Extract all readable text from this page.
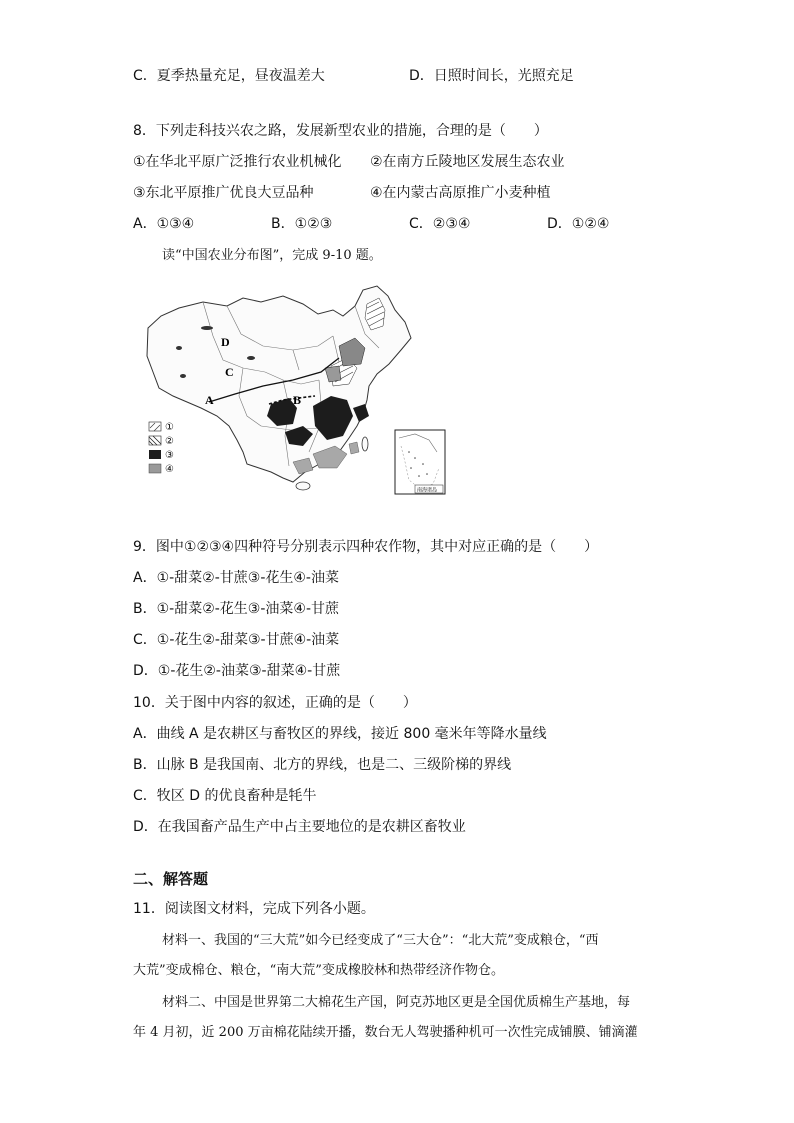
C．夏季热量充足，昼夜温差大	D．日照时间长，光照充足
8．下列走科技兴农之路，发展新型农业的措施，合理的是（　　）
①在华北平原广泛推行农业机械化 ②在南方丘陵地区发展生态农业
③东北平原推广优良大豆品种	④在内蒙古高原推广小麦种植
A．①③④	B．①②③	C．②③④	D．①②④
读“中国农业分布图”，完成 9-10 题。
D
C
A	B
①
②
③
④
南海诸岛
9．图中①②③④四种符号分别表示四种农作物，其中对应正确的是（　　）
A．①-甜菜②-甘蔗③-花生④-油菜
B．①-甜菜②-花生③-油菜④-甘蔗
C．①-花生②-甜菜③-甘蔗④-油菜
D．①-花生②-油菜③-甜菜④-甘蔗
10．关于图中内容的叙述，正确的是（　　）
A．曲线 A 是农耕区与畜牧区的界线，接近 800 毫米年等降水量线
B．山脉 B 是我国南、北方的界线，也是二、三级阶梯的界线
C．牧区 D 的优良畜种是牦牛
D．在我国畜产品生产中占主要地位的是农耕区畜牧业
二、解答题
11．阅读图文材料，完成下列各小题。
材料一、我国的“三大荒”如今已经变成了“三大仓”：“北大荒”变成粮仓，“西
大荒”变成棉仓、粮仓，“南大荒”变成橡胶林和热带经济作物仓。
材料二、中国是世界第二大棉花生产国，阿克苏地区更是全国优质棉生产基地，每
年 4 月初，近 200 万亩棉花陆续开播，数台无人驾驶播种机可一次性完成铺膜、铺滴灌
